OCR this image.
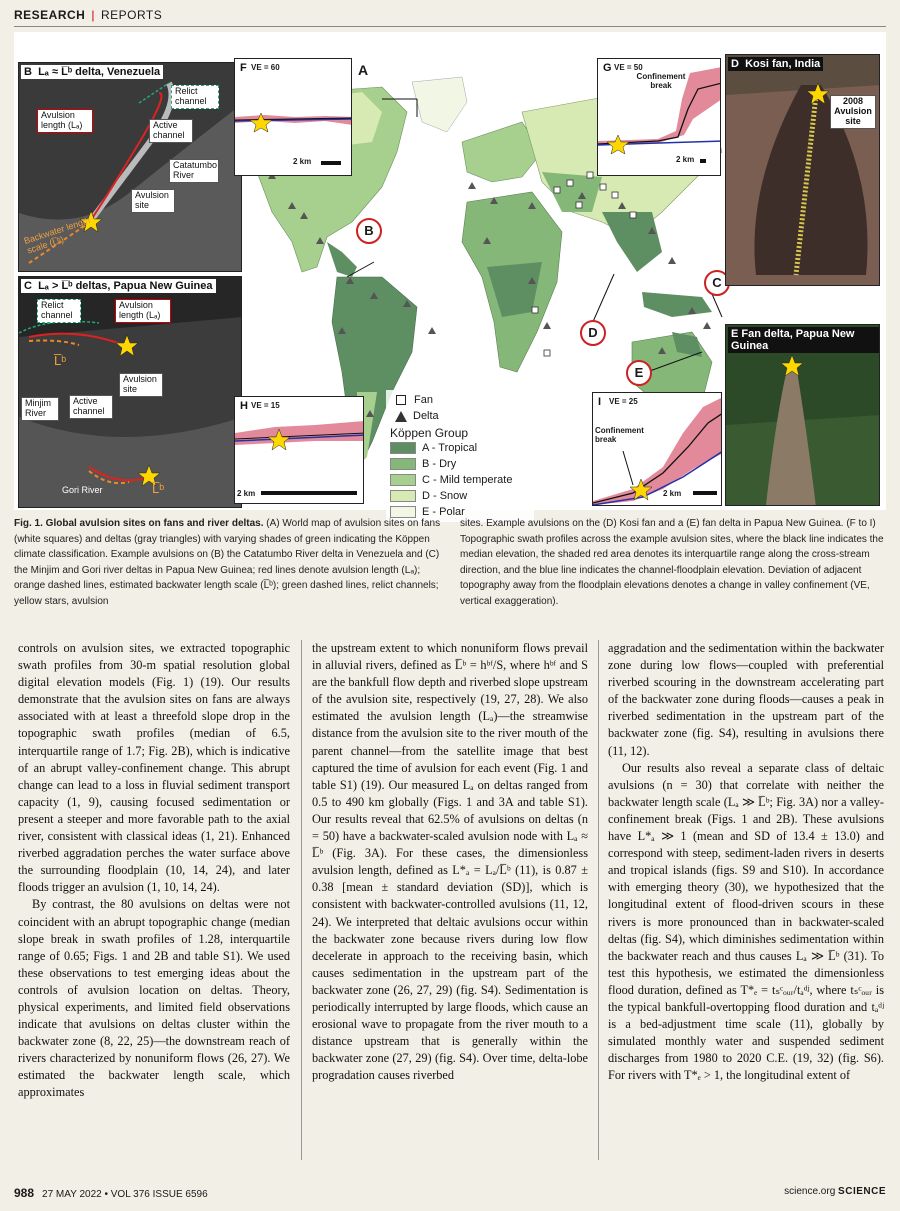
RESEARCH | REPORTS
A
B
D
C
E
B Lₐ ≈ L̅ᵇ delta, Venezuela
Relict channel
Avulsion length (Lₐ)	Active channel
Catatumbo River
Avulsion site
Backwater length scale (L̅ᵇ)
C Lₐ > L̅ᵇ deltas, Papua New Guinea
Relict channel
Avulsion length (Lₐ)
L̅ᵇ
Avulsion site
Minjim River
Active channel
Gori River	L̅ᵇ
F VE = 60
2 km
G VE = 50
Confinement break
2 km
D Kosi fan, India
2008 Avulsion site
E Fan delta, Papua New Guinea
H VE = 15
2 km
I VE = 25
Confinement break
2 km
Fan
Delta
Köppen Group
A - Tropical
B - Dry
C - Mild temperate
D - Snow
E - Polar
Fig. 1. Global avulsion sites on fans and river deltas. (A) World map of avulsion sites on fans (white squares) and deltas (gray triangles) with varying shades of green indicating the Köppen climate classification. Example avulsions on (B) the Catatumbo River delta in Venezuela and (C) the Minjim and Gori river deltas in Papua New Guinea; red lines denote avulsion length (Lₐ); orange dashed lines, estimated backwater length scale (L̅ᵇ); green dashed lines, relict channels; yellow stars, avulsion
sites. Example avulsions on the (D) Kosi fan and a (E) fan delta in Papua New Guinea. (F to I) Topographic swath profiles across the example avulsion sites, where the black line indicates the median elevation, the shaded red area denotes its interquartile range along the cross-stream direction, and the blue line indicates the channel-floodplain elevation. Deviation of adjacent topography away from the floodplain elevations denotes a change in valley confinement (VE, vertical exaggeration).

controls on avulsion sites, we extracted topographic swath profiles from 30-m spatial resolution global digital elevation models (Fig. 1) (19). Our results demonstrate that the avulsion sites on fans are always associated with at least a threefold slope drop in the topographic swath profiles (median of 6.5, interquartile range of 1.7; Fig. 2B), which is indicative of an abrupt valley-confinement change. This abrupt change can lead to a loss in fluvial sediment transport capacity (1, 9), causing focused sedimentation or present a steeper and more favorable path to the axial river, consistent with classical ideas (1, 21). Enhanced riverbed aggradation perches the water surface above the surrounding floodplain (10, 14, 24), and later floods trigger an avulsion (1, 10, 14, 24).

By contrast, the 80 avulsions on deltas were not coincident with an abrupt topographic change (median slope break in swath profiles of 1.28, interquartile range of 0.65; Figs. 1 and 2B and table S1). We used these observations to test emerging ideas about the controls of avulsion location on deltas. Theory, physical experiments, and limited field observations indicate that avulsions on deltas cluster within the backwater zone (8, 22, 25)—the downstream reach of rivers characterized by nonuniform flows (26, 27). We estimated the backwater length scale, which approximates

the upstream extent to which nonuniform flows prevail in alluvial rivers, defined as L̅ᵇ = hᵇᶠ/S, where hᵇᶠ and S are the bankfull flow depth and riverbed slope upstream of the avulsion site, respectively (19, 27, 28). We also estimated the avulsion length (Lₐ)—the streamwise distance from the avulsion site to the river mouth of the parent channel—from the satellite image that best captured the time of avulsion for each event (Fig. 1 and table S1) (19). Our measured Lₐ on deltas ranged from 0.5 to 490 km globally (Figs. 1 and 3A and table S1). Our results reveal that 62.5% of avulsions on deltas (n = 50) have a backwater-scaled avulsion node with Lₐ ≈ L̅ᵇ (Fig. 3A). For these cases, the dimensionless avulsion length, defined as L*ₐ = Lₐ/L̅ᵇ (11), is 0.87 ± 0.38 [mean ± standard deviation (SD)], which is consistent with backwater-controlled avulsions (11, 12, 24). We interpreted that deltaic avulsions occur within the backwater zone because rivers during low flow decelerate in approach to the receiving basin, which causes sedimentation in the upstream part of the backwater zone (26, 27, 29) (fig. S4). Sedimentation is periodically interrupted by large floods, which cause an erosional wave to propagate from the river mouth to a distance upstream that is generally within the backwater zone (27, 29) (fig. S4). Over time, delta-lobe progradation causes riverbed

aggradation and the sedimentation within the backwater zone during low flows—coupled with preferential riverbed scouring in the downstream accelerating part of the backwater zone during floods—causes a peak in riverbed sedimentation in the upstream part of the backwater zone (fig. S4), resulting in avulsions there (11, 12).

Our results also reveal a separate class of deltaic avulsions (n = 30) that correlate with neither the backwater length scale (Lₐ ≫ L̅ᵇ; Fig. 3A) nor a valley-confinement break (Figs. 1 and 2B). These avulsions have L*ₐ ≫ 1 (mean and SD of 13.4 ± 13.0) and correspond with steep, sediment-laden rivers in deserts and tropical islands (figs. S9 and S10). In accordance with emerging theory (30), we hypothesized that the longitudinal extent of flood-driven scours in these rivers is more pronounced than in backwater-scaled deltas (fig. S4), which diminishes sedimentation within the backwater reach and thus causes Lₐ ≫ L̅ᵇ (31). To test this hypothesis, we estimated the dimensionless flood duration, defined as T*ₑ = tₛᶜₒᵤᵣ/tₐᵈʲ, where tₛᶜₒᵤᵣ is the typical bankfull-overtopping flood duration and tₐᵈʲ is a bed-adjustment time scale (11), globally by simulated monthly water and suspended sediment discharges from 1980 to 2020 C.E. (19, 32) (fig. S6). For rivers with T*ₑ > 1, the longitudinal extent of

988 27 MAY 2022 • VOL 376 ISSUE 6596	science.org SCIENCE
